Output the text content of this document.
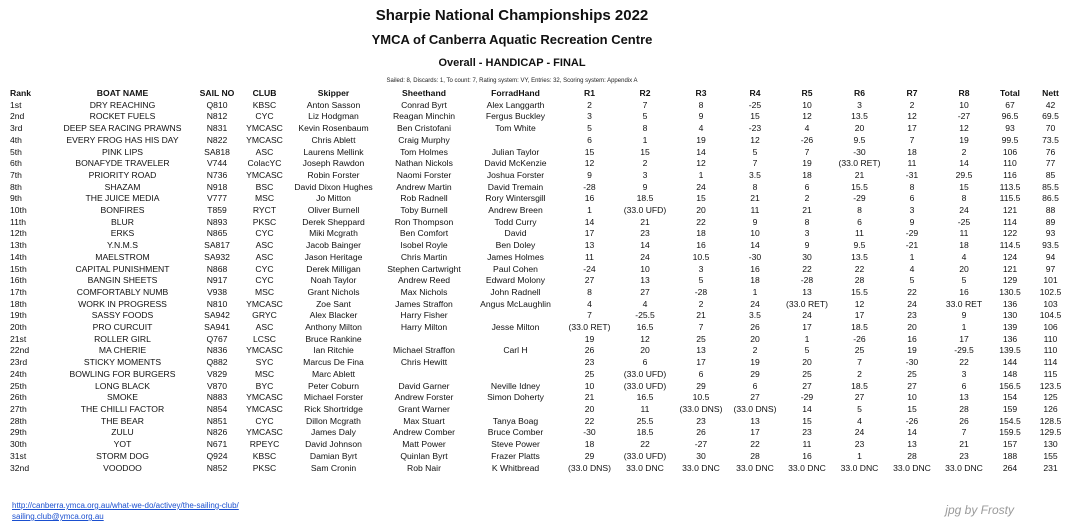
Sharpie National Championships 2022
YMCA of Canberra Aquatic Recreation Centre
Overall - HANDICAP - FINAL
Sailed: 8, Discards: 1, To count: 7, Rating system: VY, Entries: 32, Scoring system: Appendix A
Rank	BOAT NAME	SAIL NO	CLUB	Skipper	Sheethand	ForradHand	R1	R2	R3	R4	R5	R6	R7	R8	Total	Nett
1st	DRY REACHING	Q810	KBSC	Anton Sasson	Conrad Byrt	Alex Langgarth	2	7	8	-25	10	3	2	10	67	42
2nd	ROCKET FUELS	N812	CYC	Liz Hodgman	Reagan Minchin	Fergus Buckley	3	5	9	15	12	13.5	12	-27	96.5	69.5
3rd	DEEP SEA RACING PRAWNS	N831	YMCASC	Kevin Rosenbaum	Ben Cristofani	Tom White	5	8	4	-23	4	20	17	12	93	70
4th	EVERY FROG HAS HIS DAY	N822	YMCASC	Chris Ablett	Craig Murphy		6	1	19	12	-26	9.5	7	19	99.5	73.5
5th	PINK LIPS	SA818	ASC	Laurens Mellink	Tom Holmes	Julian Taylor	15	15	14	5	7	-30	18	2	106	76
6th	BONAFYDE TRAVELER	V744	ColacYC	Joseph Rawdon	Nathan Nickols	David McKenzie	12	2	12	7	19	(33.0 RET)	11	14	110	77
7th	PRIORITY ROAD	N736	YMCASC	Robin Forster	Naomi Forster	Joshua Forster	9	3	1	3.5	18	21	-31	29.5	116	85
8th	SHAZAM	N918	BSC	David Dixon Hughes	Andrew Martin	David Tremain	-28	9	24	8	6	15.5	8	15	113.5	85.5
9th	THE JUICE MEDIA	V777	MSC	Jo Mitton	Rob Radnell	Rory Wintersgill	16	18.5	15	21	2	-29	6	8	115.5	86.5
10th	BONFIRES	T859	RYCT	Oliver Burnell	Toby Burnell	Andrew Breen	1	(33.0 UFD)	20	11	21	8	3	24	121	88
11th	BLUR	N893	PKSC	Derek Sheppard	Ron Thompson	Todd Curry	14	21	22	9	8	6	9	-25	114	89
12th	ERKS	N865	CYC	Miki Mcgrath	Ben Comfort	David	17	23	18	10	3	11	-29	11	122	93
13th	Y.N.M.S	SA817	ASC	Jacob Bainger	Isobel Royle	Ben Doley	13	14	16	14	9	9.5	-21	18	114.5	93.5
14th	MAELSTROM	SA932	ASC	Jason Heritage	Chris Martin	James Holmes	11	24	10.5	-30	30	13.5	1	4	124	94
15th	CAPITAL PUNISHMENT	N868	CYC	Derek Milligan	Stephen Cartwright	Paul Cohen	-24	10	3	16	22	22	4	20	121	97
16th	BANGIN SHEETS	N917	CYC	Noah Taylor	Andrew Reed	Edward Molony	27	13	5	18	-28	28	5	5	129	101
17th	COMFORTABLY NUMB	V938	MSC	Grant Nichols	Max Nichols	John Radnell	8	27	-28	1	13	15.5	22	16	130.5	102.5
18th	WORK IN PROGRESS	N810	YMCASC	Zoe Sant	James Straffon	Angus McLaughlin	4	4	2	24	(33.0 RET)	12	24	33.0 RET	136	103
19th	SASSY FOODS	SA942	GRYC	Alex Blacker	Harry Fisher		7	-25.5	21	3.5	24	17	23	9	130	104.5
20th	PRO CURCUIT	SA941	ASC	Anthony Milton	Harry Milton	Jesse Milton	(33.0 RET)	16.5	7	26	17	18.5	20	1	139	106
21st	ROLLER GIRL	Q767	LCSC	Bruce Rankine			19	12	25	20	1	-26	16	17	136	110
22nd	MA CHERIE	N836	YMCASC	Ian Ritchie	Michael Straffon	Carl H	26	20	13	2	5	25	19	-29.5	139.5	110
23rd	STICKY MOMENTS	Q882	SYC	Marcus De Fina	Chris Hewitt		23	6	17	19	20	7	-30	22	144	114
24th	BOWLING FOR BURGERS	V829	MSC	Marc Ablett			25	(33.0 UFD)	6	29	25	2	25	3	148	115
25th	LONG BLACK	V870	BYC	Peter Coburn	David Garner	Neville Idney	10	(33.0 UFD)	29	6	27	18.5	27	6	156.5	123.5
26th	SMOKE	N883	YMCASC	Michael Forster	Andrew Forster	Simon Doherty	21	16.5	10.5	27	-29	27	10	13	154	125
27th	THE CHILLI FACTOR	N854	YMCASC	Rick Shortridge	Grant Warner		20	11	(33.0 DNS)	(33.0 DNS)	14	5	15	28	159	126
28th	THE BEAR	N851	CYC	Dillon Mcgrath	Max Stuart	Tanya Boag	22	25.5	23	13	15	4	-26	26	154.5	128.5
29th	ZULU	N826	YMCASC	James Daly	Andrew Comber	Bruce Comber	-30	18.5	26	17	23	24	14	7	159.5	129.5
30th	YOT	N671	RPEYC	David Johnson	Matt Power	Steve Power	18	22	-27	22	11	23	13	21	157	130
31st	STORM DOG	Q924	KBSC	Damian Byrt	Quinlan Byrt	Frazer Platts	29	(33.0 UFD)	30	28	16	1	28	23	188	155
32nd	VOODOO	N852	PKSC	Sam Cronin	Rob Nair	K Whitbread	(33.0 DNS)	33.0 DNC	33.0 DNC	33.0 DNC	33.0 DNC	33.0 DNC	33.0 DNC	33.0 DNC	264	231
http://canberra.ymca.org.au/what-we-do/activey/the-sailing-club/
sailing.club@ymca.org.au	jpg by Frosty
